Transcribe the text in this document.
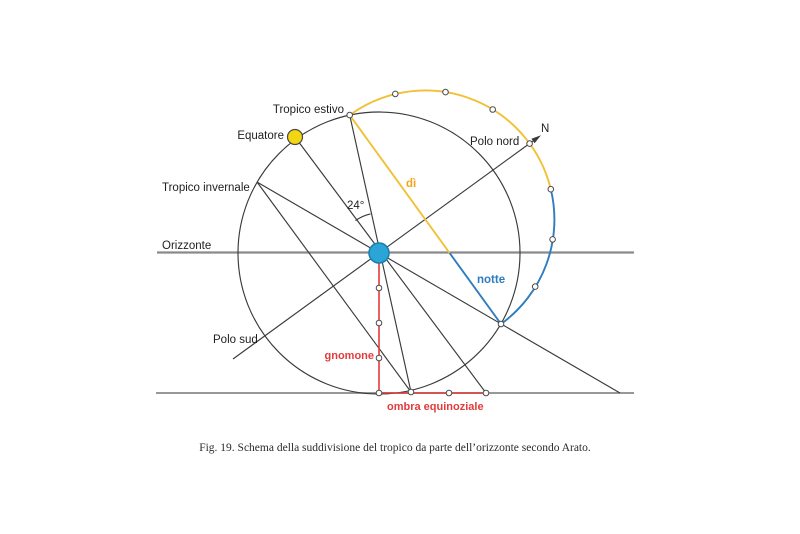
Tropico estivo
Equatore
Tropico invernale
Orizzonte
Polo nord
N
Polo sud
24°
dì
notte
gnomone
ombra equinoziale
Fig. 19. Schema della suddivisione del tropico da parte dell’orizzonte secondo Arato.
